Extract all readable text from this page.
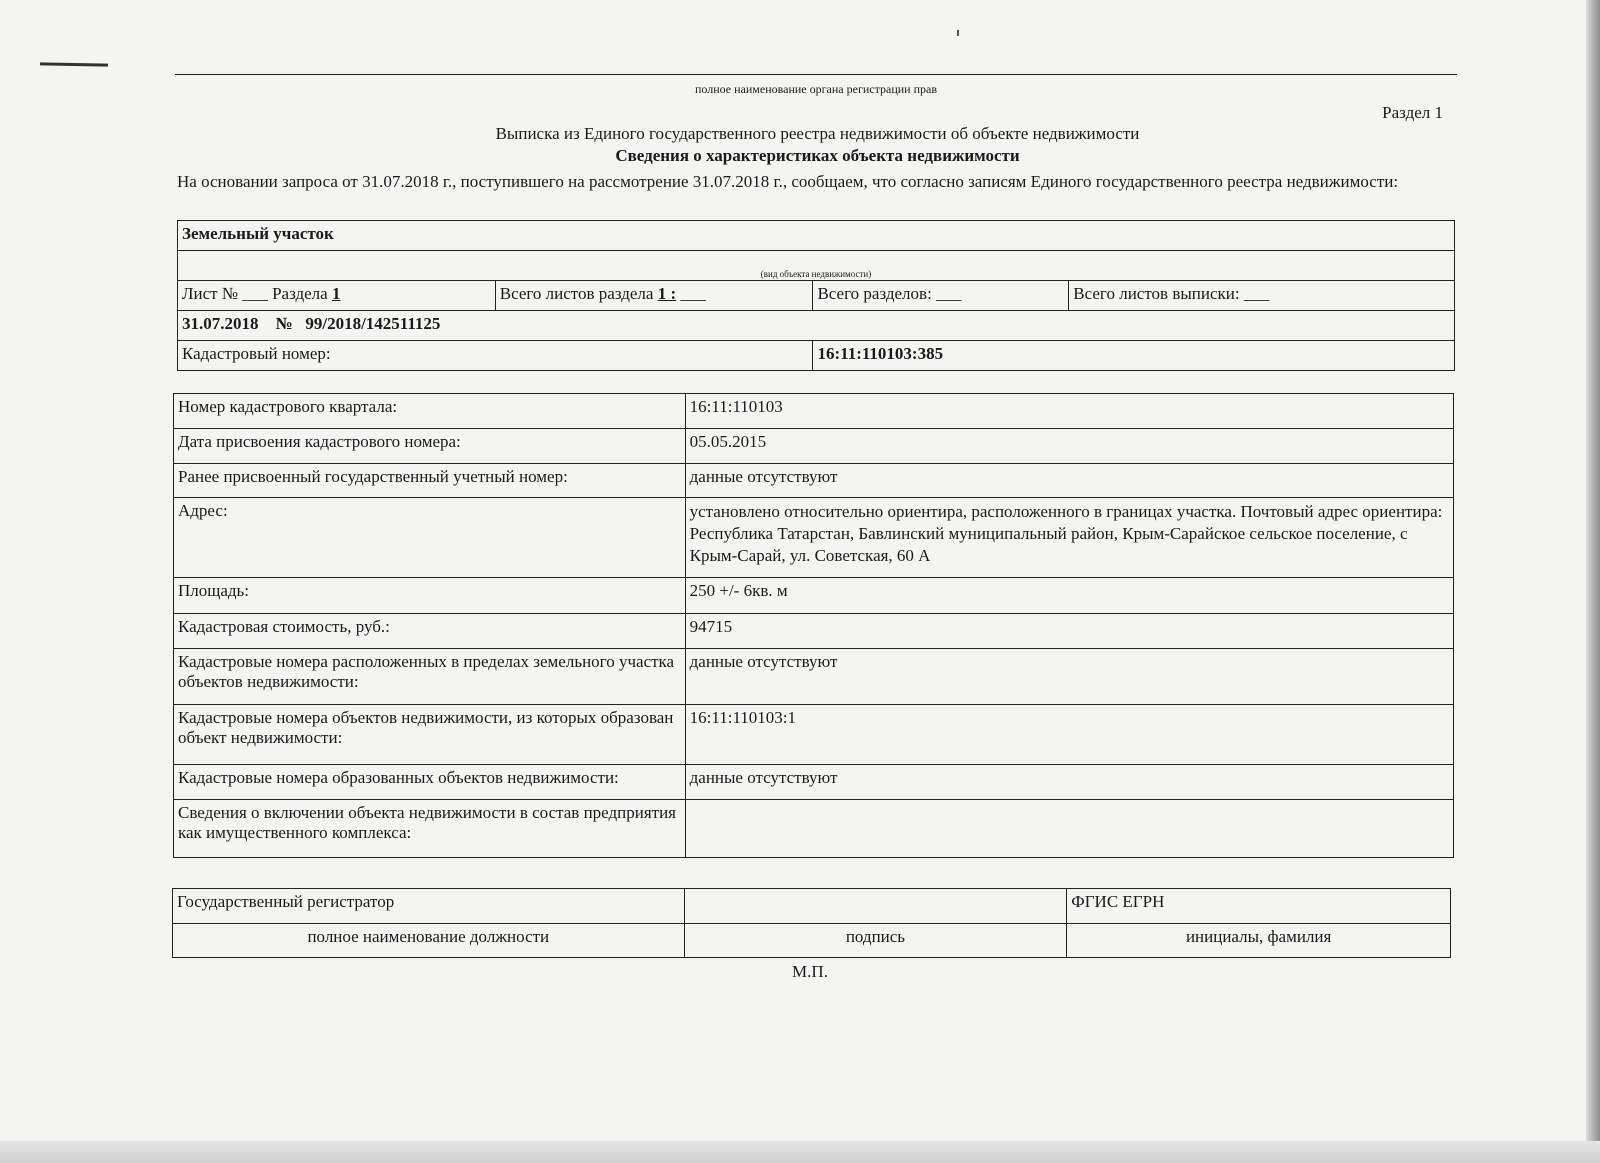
полное наименование органа регистрации прав
Раздел 1
Выписка из Единого государственного реестра недвижимости об объекте недвижимости
Сведения о характеристиках объекта недвижимости
На основании запроса от 31.07.2018 г., поступившего на рассмотрение 31.07.2018 г., сообщаем, что согласно записям Единого государственного реестра недвижимости:
Земельный участок			
(вид объекта недвижимости)			
Лист № ___ Раздела 1	Всего листов раздела 1 : ___	Всего разделов: ___	Всего листов выписки: ___
31.07.2018 № 99/2018/142511125			
Кадастровый номер:		16:11:110103:385	
Номер кадастрового квартала:	16:11:110103
Дата присвоения кадастрового номера:	05.05.2015
Ранее присвоенный государственный учетный номер:	данные отсутствуют
Адрес:	установлено относительно ориентира, расположенного в границах участка. Почтовый адрес ориентира: Республика Татарстан, Бавлинский муниципальный район, Крым-Сарайское сельское поселение, с Крым-Сарай, ул. Советская, 60 А
Площадь:	250 +/- 6кв. м
Кадастровая стоимость, руб.:	94715
Кадастровые номера расположенных в пределах земельного участка объектов недвижимости:	данные отсутствуют
Кадастровые номера объектов недвижимости, из которых образован объект недвижимости:	16:11:110103:1
Кадастровые номера образованных объектов недвижимости:	данные отсутствуют
Сведения о включении объекта недвижимости в состав предприятия как имущественного комплекса:	
Государственный регистратор		ФГИС ЕГРН
полное наименование должности	подпись	инициалы, фамилия
М.П.
